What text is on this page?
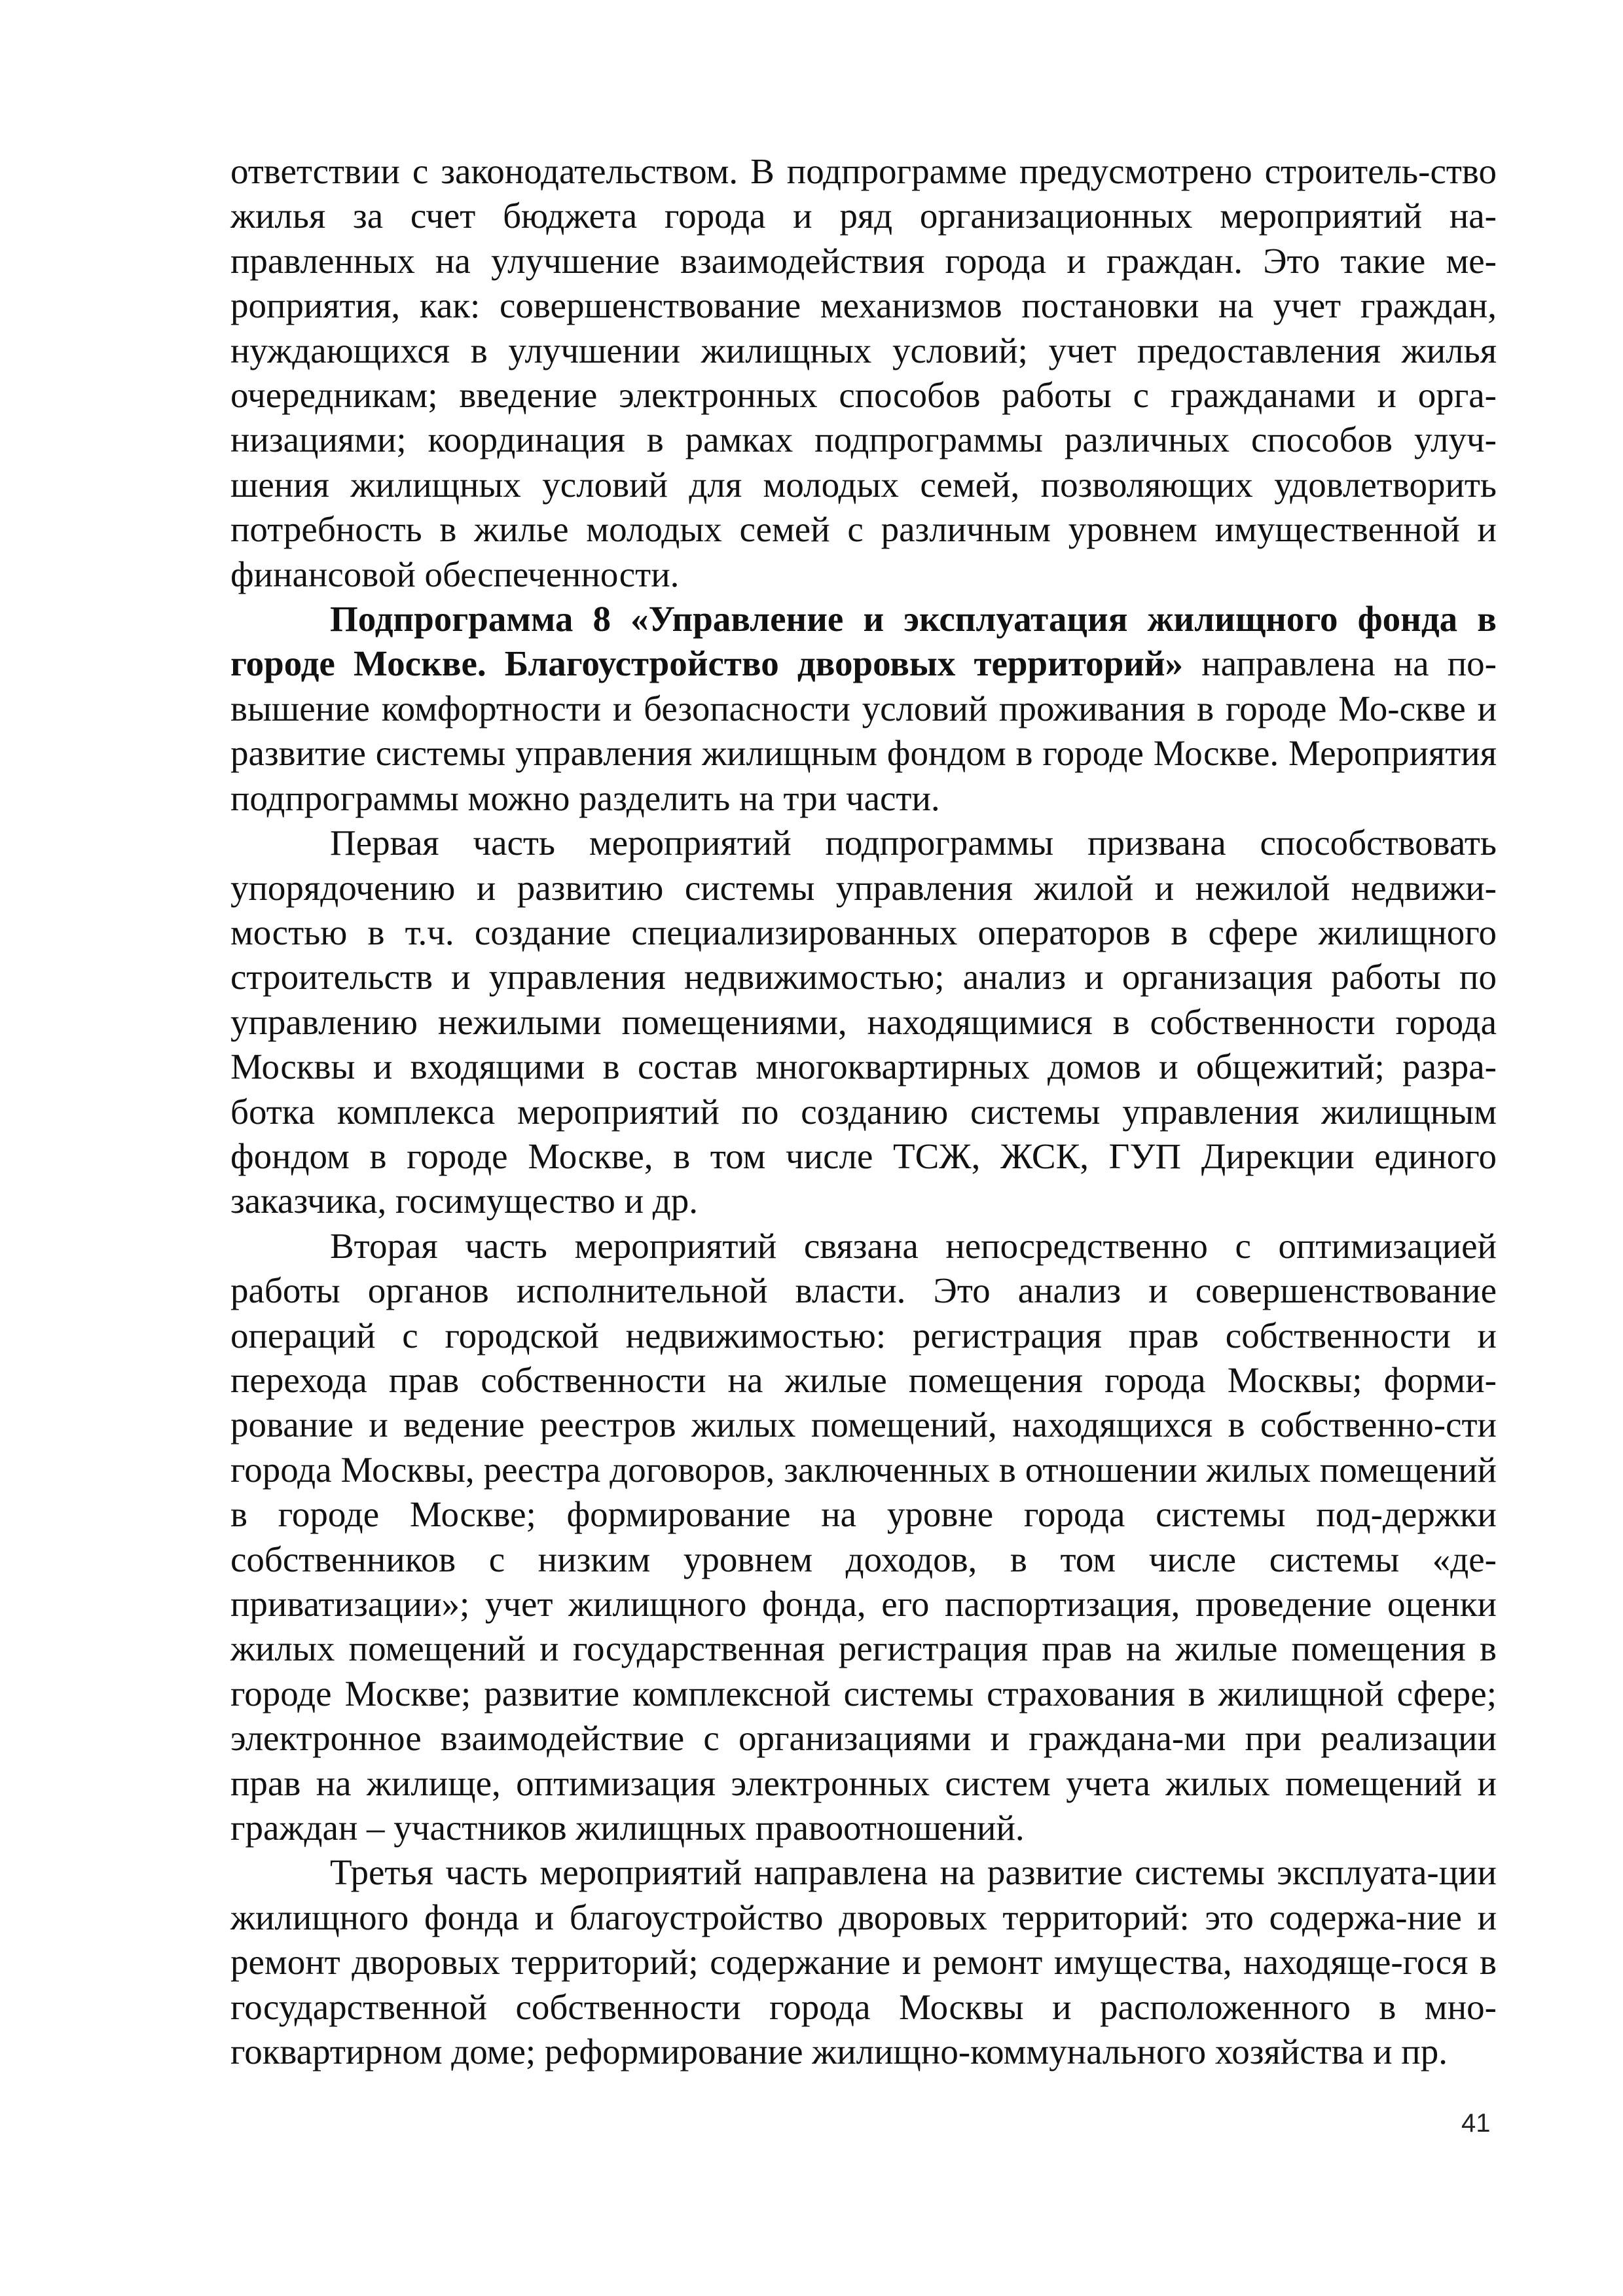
ответствии с законодательством. В подпрограмме предусмотрено строитель-ство жилья за счет бюджета города и ряд организационных мероприятий на-правленных на улучшение взаимодействия города и граждан. Это такие ме-роприятия, как: совершенствование механизмов постановки на учет граждан, нуждающихся в улучшении жилищных условий; учет предоставления жилья очередникам; введение электронных способов работы с гражданами и орга-низациями; координация в рамках подпрограммы различных способов улуч-шения жилищных условий для молодых семей, позволяющих удовлетворить потребность в жилье молодых семей с различным уровнем имущественной и финансовой обеспеченности.

Подпрограмма 8 «Управление и эксплуатация жилищного фонда в городе Москве. Благоустройство дворовых территорий» направлена на по-вышение комфортности и безопасности условий проживания в городе Мо-скве и развитие системы управления жилищным фондом в городе Москве. Мероприятия подпрограммы можно разделить на три части.

Первая часть мероприятий подпрограммы призвана способствовать упорядочению и развитию системы управления жилой и нежилой недвижи-мостью в т.ч. создание специализированных операторов в сфере жилищного строительств и управления недвижимостью; анализ и организация работы по управлению нежилыми помещениями, находящимися в собственности города Москвы и входящими в состав многоквартирных домов и общежитий; разра-ботка комплекса мероприятий по созданию системы управления жилищным фондом в городе Москве, в том числе ТСЖ, ЖСК, ГУП Дирекции единого заказчика, госимущество и др.

Вторая часть мероприятий связана непосредственно с оптимизацией работы органов исполнительной власти. Это анализ и совершенствование операций с городской недвижимостью: регистрация прав собственности и перехода прав собственности на жилые помещения города Москвы; форми-рование и ведение реестров жилых помещений, находящихся в собственно-сти города Москвы, реестра договоров, заключенных в отношении жилых помещений в городе Москве; формирование на уровне города системы под-держки собственников с низким уровнем доходов, в том числе системы «де-приватизации»; учет жилищного фонда, его паспортизация, проведение оценки жилых помещений и государственная регистрация прав на жилые помещения в городе Москве; развитие комплексной системы страхования в жилищной сфере; электронное взаимодействие с организациями и граждана-ми при реализации прав на жилище, оптимизация электронных систем учета жилых помещений и граждан – участников жилищных правоотношений.

Третья часть мероприятий направлена на развитие системы эксплуата-ции жилищного фонда и благоустройство дворовых территорий: это содержа-ние и ремонт дворовых территорий; содержание и ремонт имущества, находяще-гося в государственной собственности города Москвы и расположенного в мно-гоквартирном доме; реформирование жилищно-коммунального хозяйства и пр.

41
